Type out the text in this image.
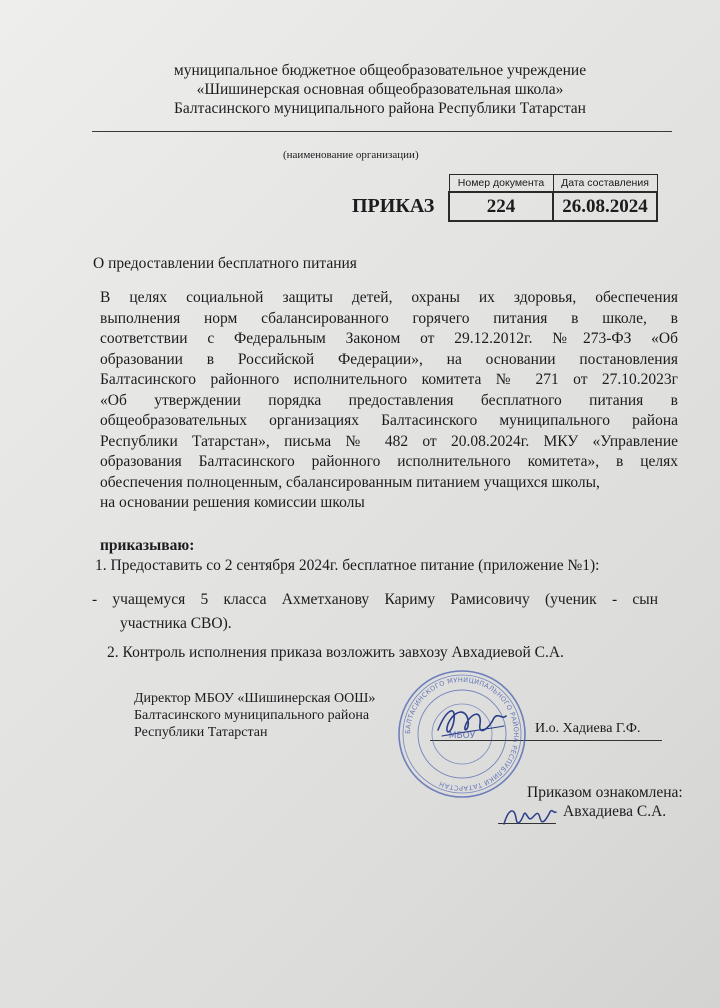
муниципальное бюджетное общеобразовательное учреждение
«Шишинерская основная общеобразовательная школа»
Балтасинского муниципального района Республики Татарстан
(наименование организации)
ПРИКАЗ
Номер документа	Дата составления
224	26.08.2024
О предоставлении бесплатного питания
В целях социальной защиты детей, охраны их здоровья, обеспечения
выполнения норм сбалансированного горячего питания в школе, в
соответствии с Федеральным Законом от 29.12.2012г. №273-ФЗ «Об
образовании в Российской Федерации», на основании постановления
Балтасинского районного исполнительного комитета № 271 от 27.10.2023г
«Об утверждении порядка предоставления бесплатного питания в
общеобразовательных организациях Балтасинского муниципального района
Республики Татарстан», письма № 482 от 20.08.2024г. МКУ «Управление
образования Балтасинского районного исполнительного комитета», в целях
обеспечения полноценным, сбалансированным питанием учащихся школы,
на основании решения комиссии школы
приказываю:
1. Предоставить со 2 сентября 2024г. бесплатное питание (приложение №1):
- учащемуся 5 класса Ахметханову Кариму Рамисовичу (ученик - сын
участника СВО).
2. Контроль исполнения приказа возложить завхозу Авхадиевой С.А.
Директор МБОУ «Шишинерская ООШ»
Балтасинского муниципального района
Республики Татарстан	И.о. Хадиева Г.Ф.
БАЛТАСИНСКОГО МУНИЦИПАЛЬНОГО РАЙОНА РЕСПУБЛИКИ ТАТАРСТАН
МБОУ
Приказом ознакомлена:
Авхадиева С.А.
